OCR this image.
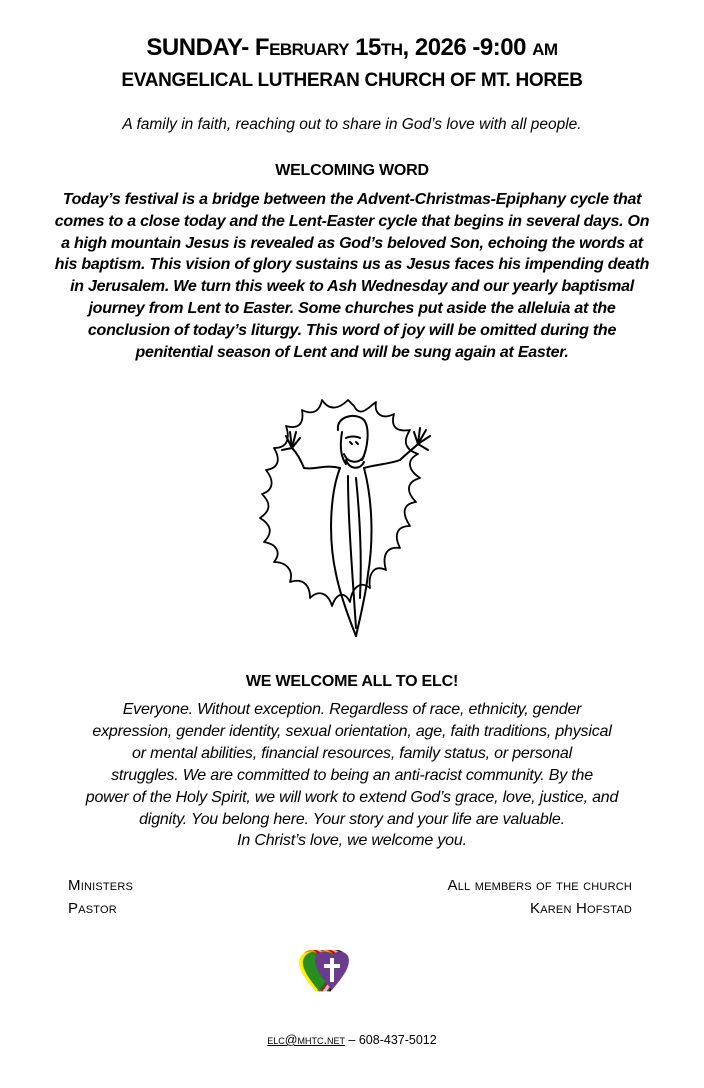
SUNDAY- February 15th, 2026 -9:00 am
EVANGELICAL LUTHERAN CHURCH OF MT. HOREB
A family in faith, reaching out to share in God’s love with all people.
WELCOMING WORD
Today’s festival is a bridge between the Advent-Christmas-Epiphany cycle that
comes to a close today and the Lent-Easter cycle that begins in several days. On
a high mountain Jesus is revealed as God’s beloved Son, echoing the words at
his baptism. This vision of glory sustains us as Jesus faces his impending death
in Jerusalem. We turn this week to Ash Wednesday and our yearly baptismal
journey from Lent to Easter. Some churches put aside the alleluia at the
conclusion of today’s liturgy. This word of joy will be omitted during the
penitential season of Lent and will be sung again at Easter.
WE WELCOME ALL TO ELC!
Everyone. Without exception. Regardless of race, ethnicity, gender
expression, gender identity, sexual orientation, age, faith traditions, physical
or mental abilities, financial resources, family status, or personal
struggles. We are committed to being an anti-racist community. By the
power of the Holy Spirit, we will work to extend God’s grace, love, justice, and
dignity. You belong here. Your story and your life are valuable.
In Christ’s love, we welcome you.
Ministers	All members of the church
Pastor	Karen Hofstad
elc@mhtc.net – 608-437-5012
